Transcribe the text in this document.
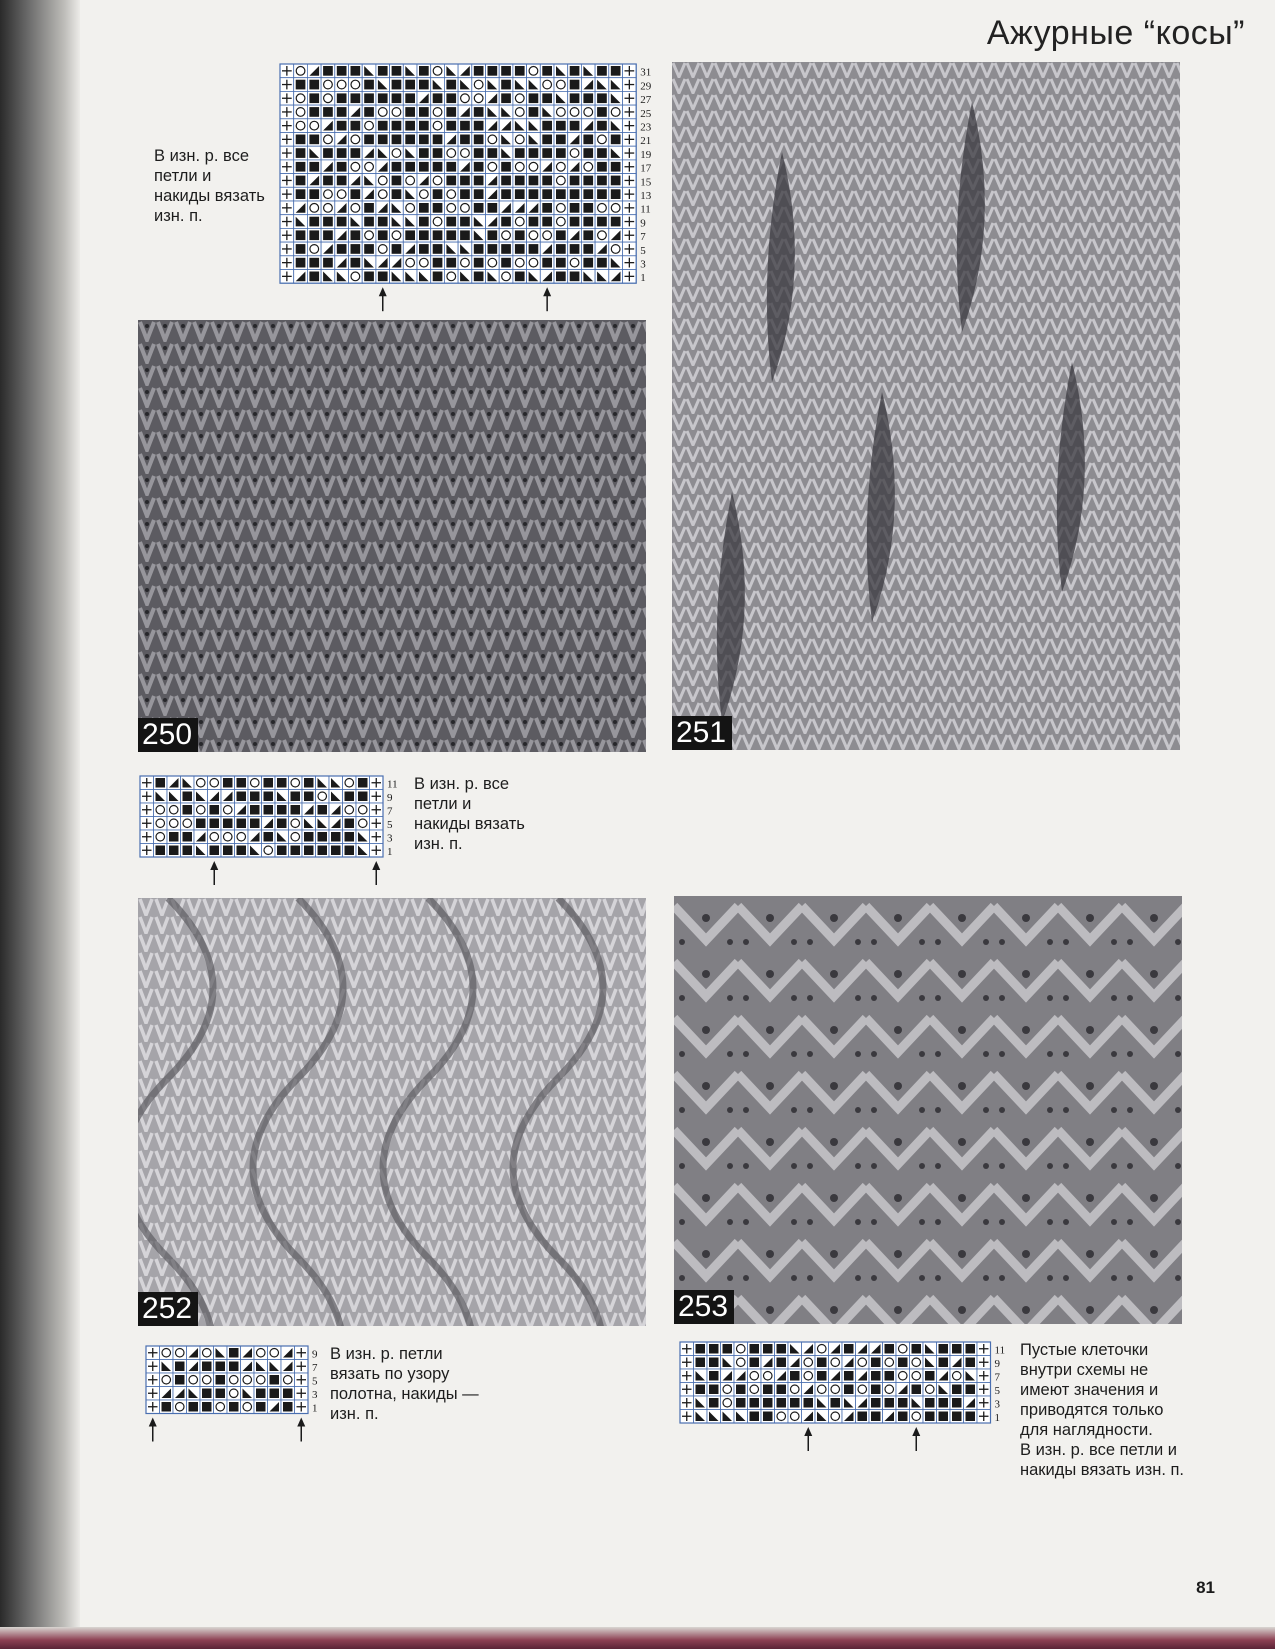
Ажурные “косы”
31
29
27
25
23
21
19
17
15
13
11
9
7
5
3
1
В изн. р. все
петли и
накиды вязать
изн. п.
250	251
11
9
7
5
3
1
В изн. р. все
петли и
накиды вязать
изн. п.
252	253
9
7
5
3
1
В изн. р. петли
вязать по узору
полотна, накиды —
изн. п.
11
9
7
5
3
1
Пустые клеточки
внутри схемы не
имеют значения и
приводятся только
для наглядности.
В изн. р. все петли и
накиды вязать изн. п.
81
